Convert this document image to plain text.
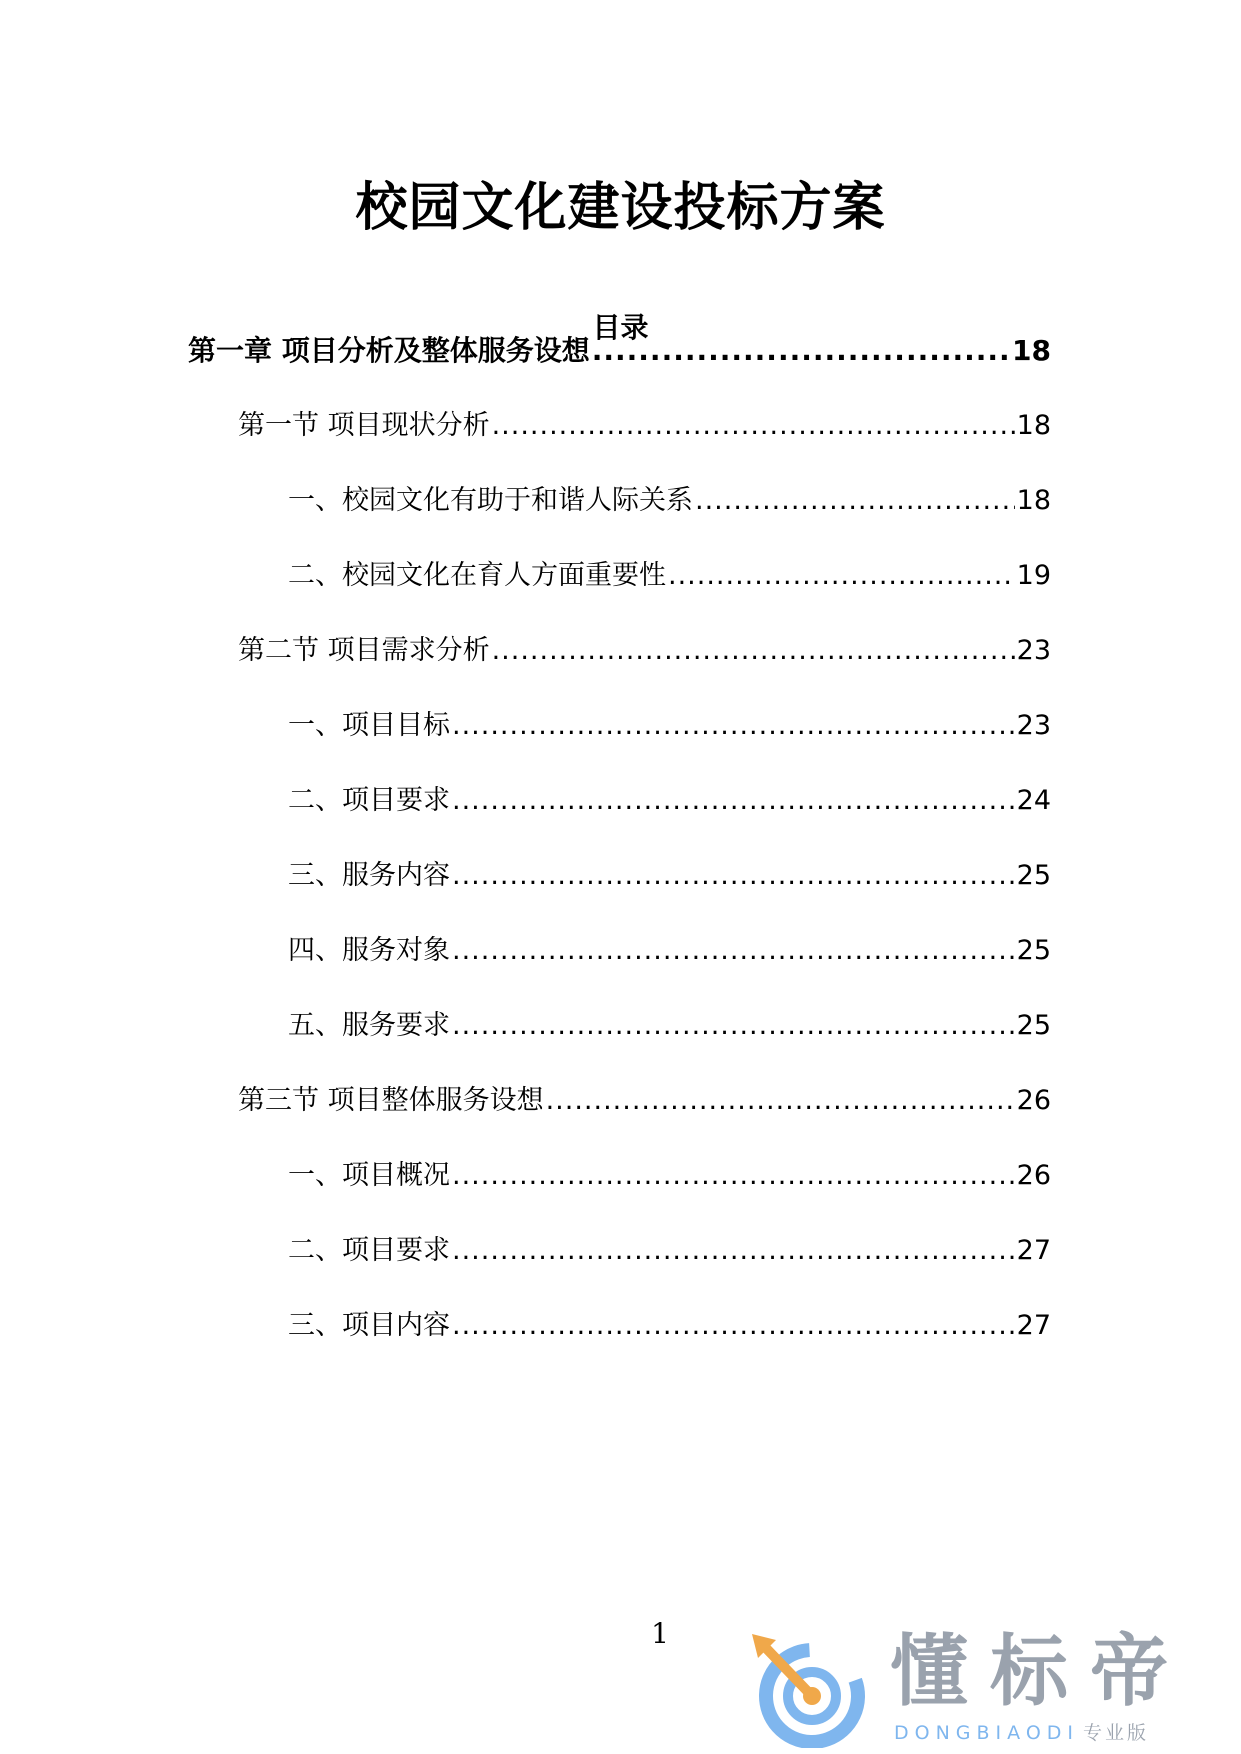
校园文化建设投标方案
目录
第一章 项目分析及整体服务设想 .....	18
第一节 项目现状分析 .....	18
一、校园文化有助于和谐人际关系 .....	18
二、校园文化在育人方面重要性 .....	19
第二节 项目需求分析 .....	23
一、项目目标 .....	23
二、项目要求 .....	24
三、服务内容 .....	25
四、服务对象 .....	25
五、服务要求 .....	25
第三节 项目整体服务设想 .....	26
一、项目概况 .....	26
二、项目要求 .....	27
三、项目内容 .....	27
1	懂标帝
DONGBIAODI 专业版
